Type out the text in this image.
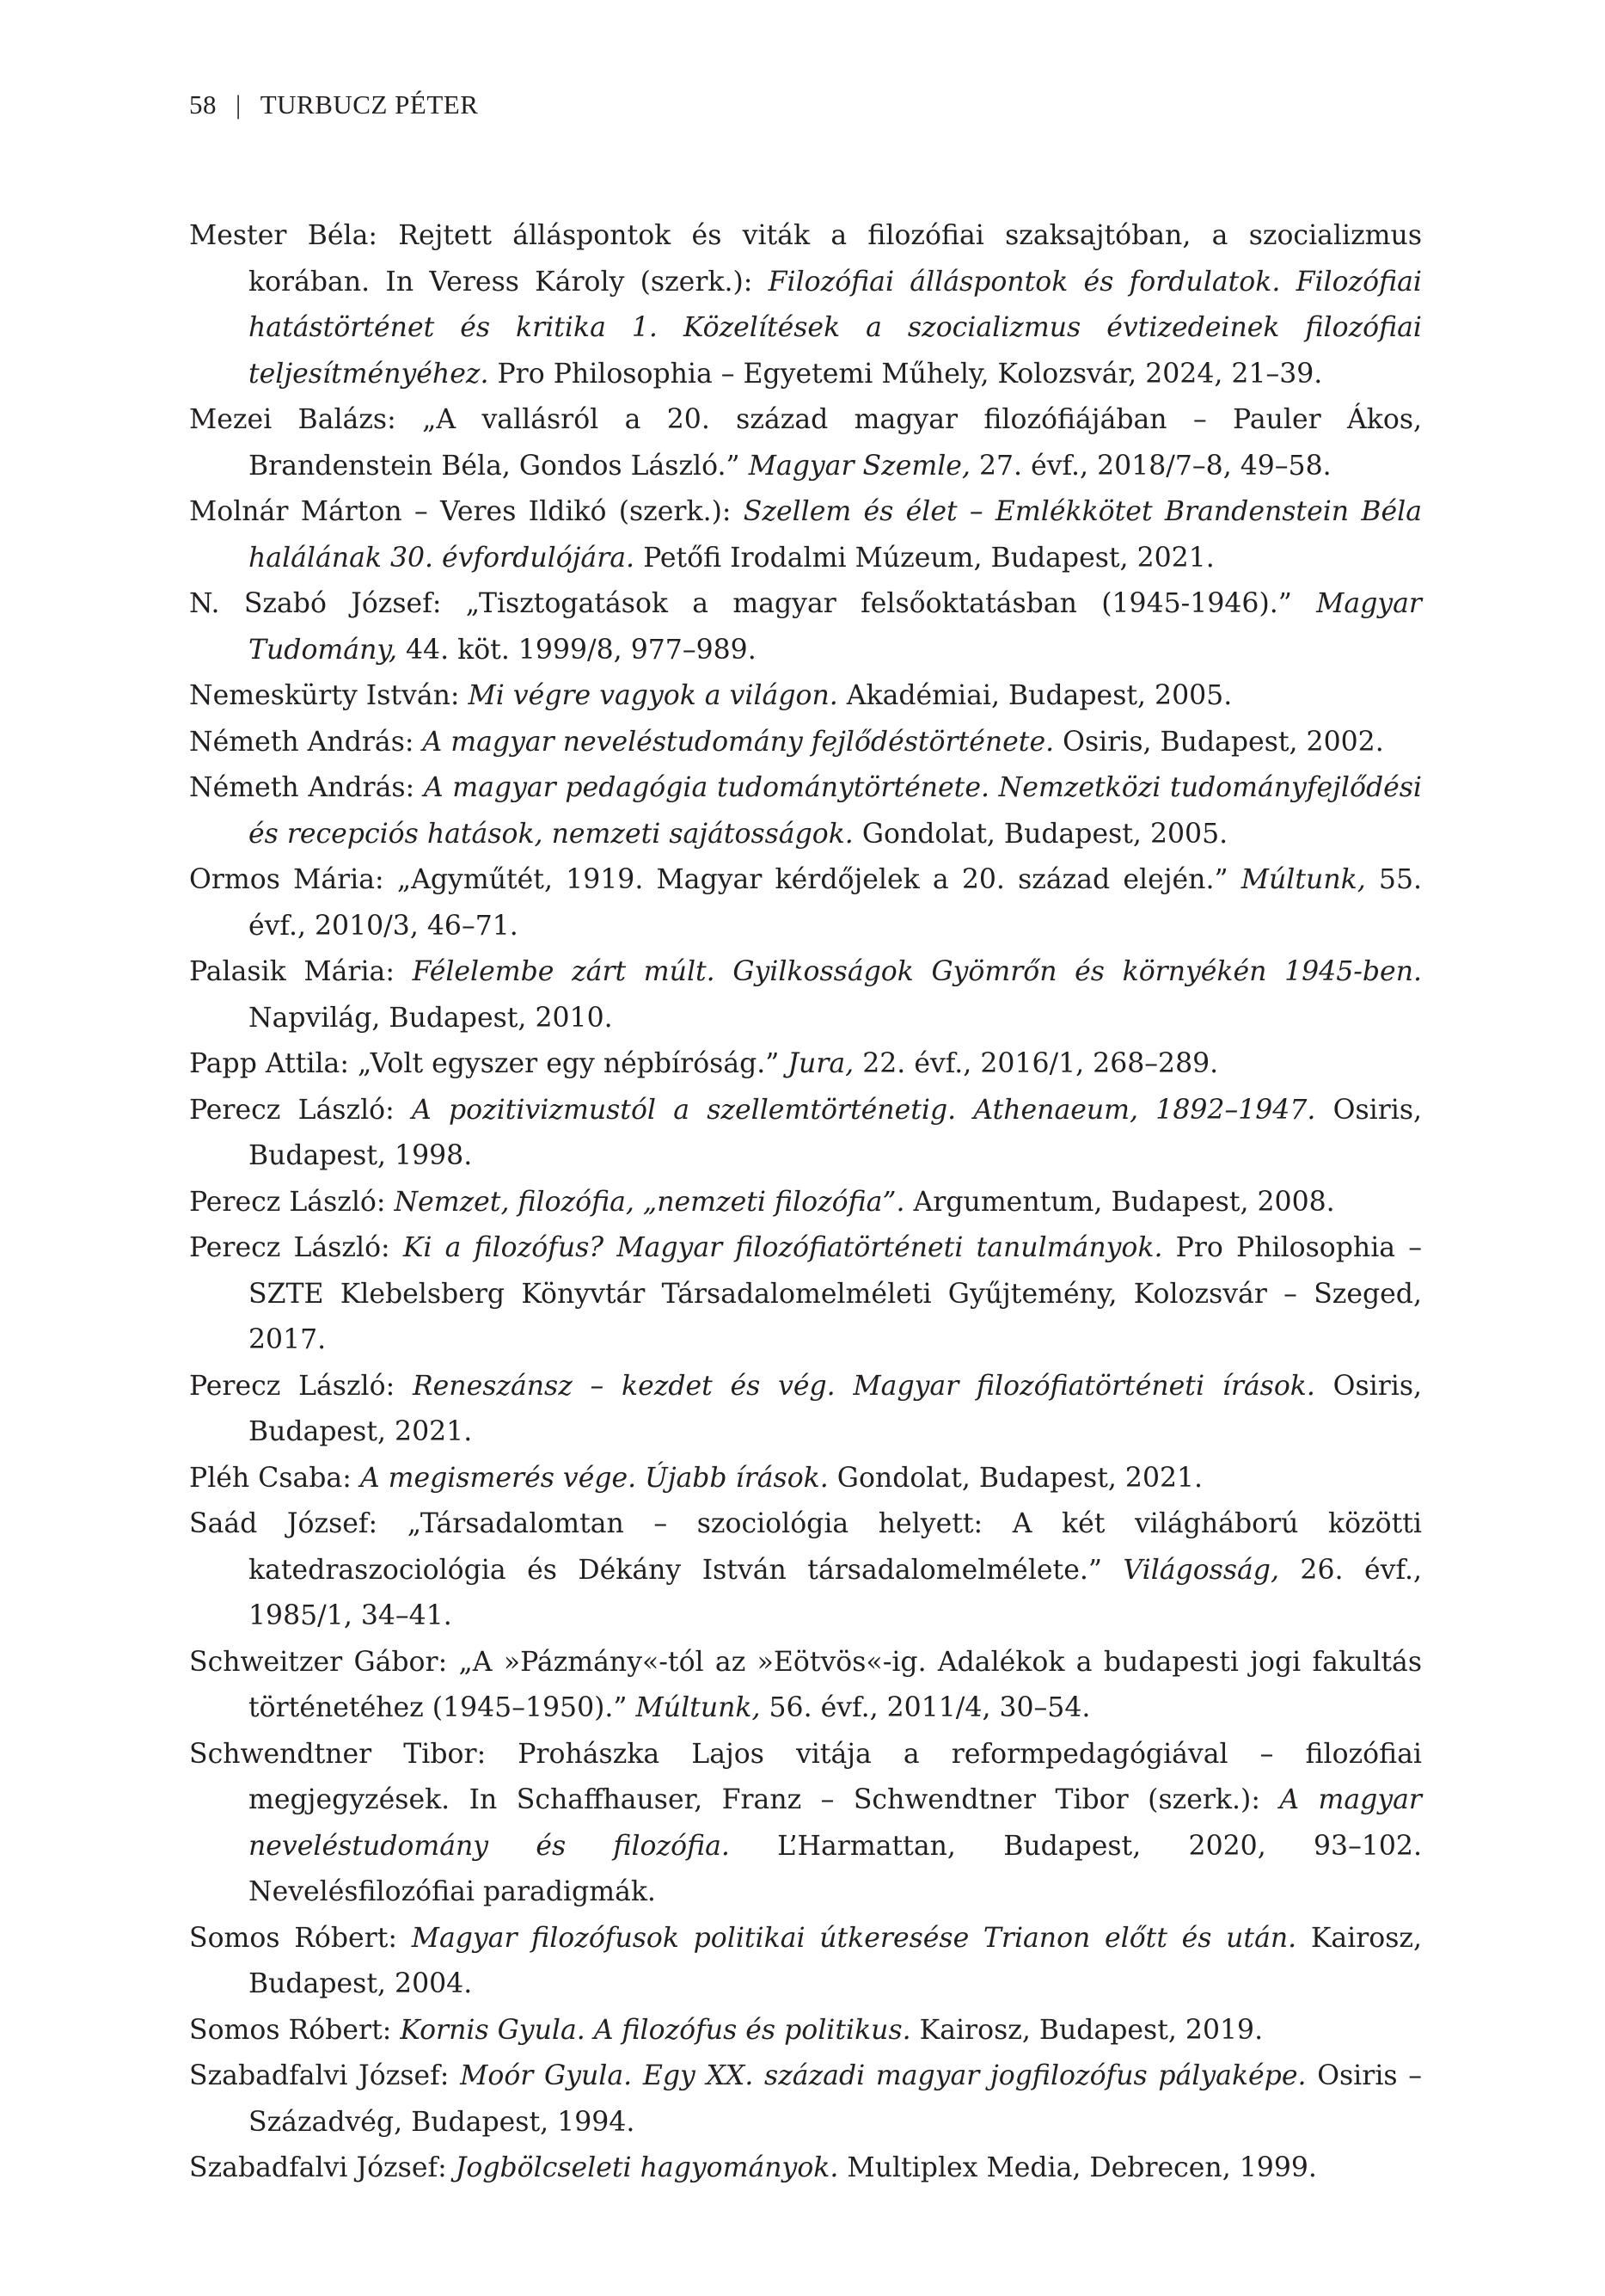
58 | TURBUCZ PÉTER
Mester Béla: Rejtett álláspontok és viták a filozófiai szaksajtóban, a szocializmus korában. In Veress Károly (szerk.): Filozófiai álláspontok és fordulatok. Filozófiai hatástörténet és kritika 1. Közelítések a szocializmus évtizedeinek filozófiai teljesítményéhez. Pro Philosophia – Egyetemi Műhely, Kolozsvár, 2024, 21–39.
Mezei Balázs: „A vallásról a 20. század magyar filozófiájában – Pauler Ákos, Brandenstein Béla, Gondos László.” Magyar Szemle, 27. évf., 2018/7–8, 49–58.
Molnár Márton – Veres Ildikó (szerk.): Szellem és élet – Emlékkötet Brandenstein Béla halálának 30. évfordulójára. Petőfi Irodalmi Múzeum, Budapest, 2021.
N. Szabó József: „Tisztogatások a magyar felsőoktatásban (1945-1946).” Magyar Tudomány, 44. köt. 1999/8, 977–989.
Nemeskürty István: Mi végre vagyok a világon. Akadémiai, Budapest, 2005.
Németh András: A magyar neveléstudomány fejlődéstörténete. Osiris, Budapest, 2002.
Németh András: A magyar pedagógia tudománytörténete. Nemzetközi tudományfejlődési és recepciós hatások, nemzeti sajátosságok. Gondolat, Budapest, 2005.
Ormos Mária: „Agyműtét, 1919. Magyar kérdőjelek a 20. század elején.” Múltunk, 55. évf., 2010/3, 46–71.
Palasik Mária: Félelembe zárt múlt. Gyilkosságok Gyömrőn és környékén 1945-ben. Napvilág, Budapest, 2010.
Papp Attila: „Volt egyszer egy népbíróság.” Jura, 22. évf., 2016/1, 268–289.
Perecz László: A pozitivizmustól a szellemtörténetig. Athenaeum, 1892–1947. Osiris, Budapest, 1998.
Perecz László: Nemzet, filozófia, „nemzeti filozófia”. Argumentum, Budapest, 2008.
Perecz László: Ki a filozófus? Magyar filozófiatörténeti tanulmányok. Pro Philosophia – SZTE Klebelsberg Könyvtár Társadalomelméleti Gyűjtemény, Kolozsvár – Szeged, 2017.
Perecz László: Reneszánsz – kezdet és vég. Magyar filozófiatörténeti írások. Osiris, Budapest, 2021.
Pléh Csaba: A megismerés vége. Újabb írások. Gondolat, Budapest, 2021.
Saád József: „Társadalomtan – szociológia helyett: A két világháború közötti katedraszociológia és Dékány István társadalomelmélete.” Világosság, 26. évf., 1985/1, 34–41.
Schweitzer Gábor: „A »Pázmány«-tól az »Eötvös«-ig. Adalékok a budapesti jogi fakultás történetéhez (1945–1950).” Múltunk, 56. évf., 2011/4, 30–54.
Schwendtner Tibor: Prohászka Lajos vitája a reformpedagógiával – filozófiai megjegyzések. In Schaffhauser, Franz – Schwendtner Tibor (szerk.): A magyar neveléstudomány és filozófia. L’Harmattan, Budapest, 2020, 93–102. Nevelésfilozófiai paradigmák.
Somos Róbert: Magyar filozófusok politikai útkeresése Trianon előtt és után. Kairosz, Budapest, 2004.
Somos Róbert: Kornis Gyula. A filozófus és politikus. Kairosz, Budapest, 2019.
Szabadfalvi József: Moór Gyula. Egy XX. századi magyar jogfilozófus pályaképe. Osiris – Századvég, Budapest, 1994.
Szabadfalvi József: Jogbölcseleti hagyományok. Multiplex Media, Debrecen, 1999.
